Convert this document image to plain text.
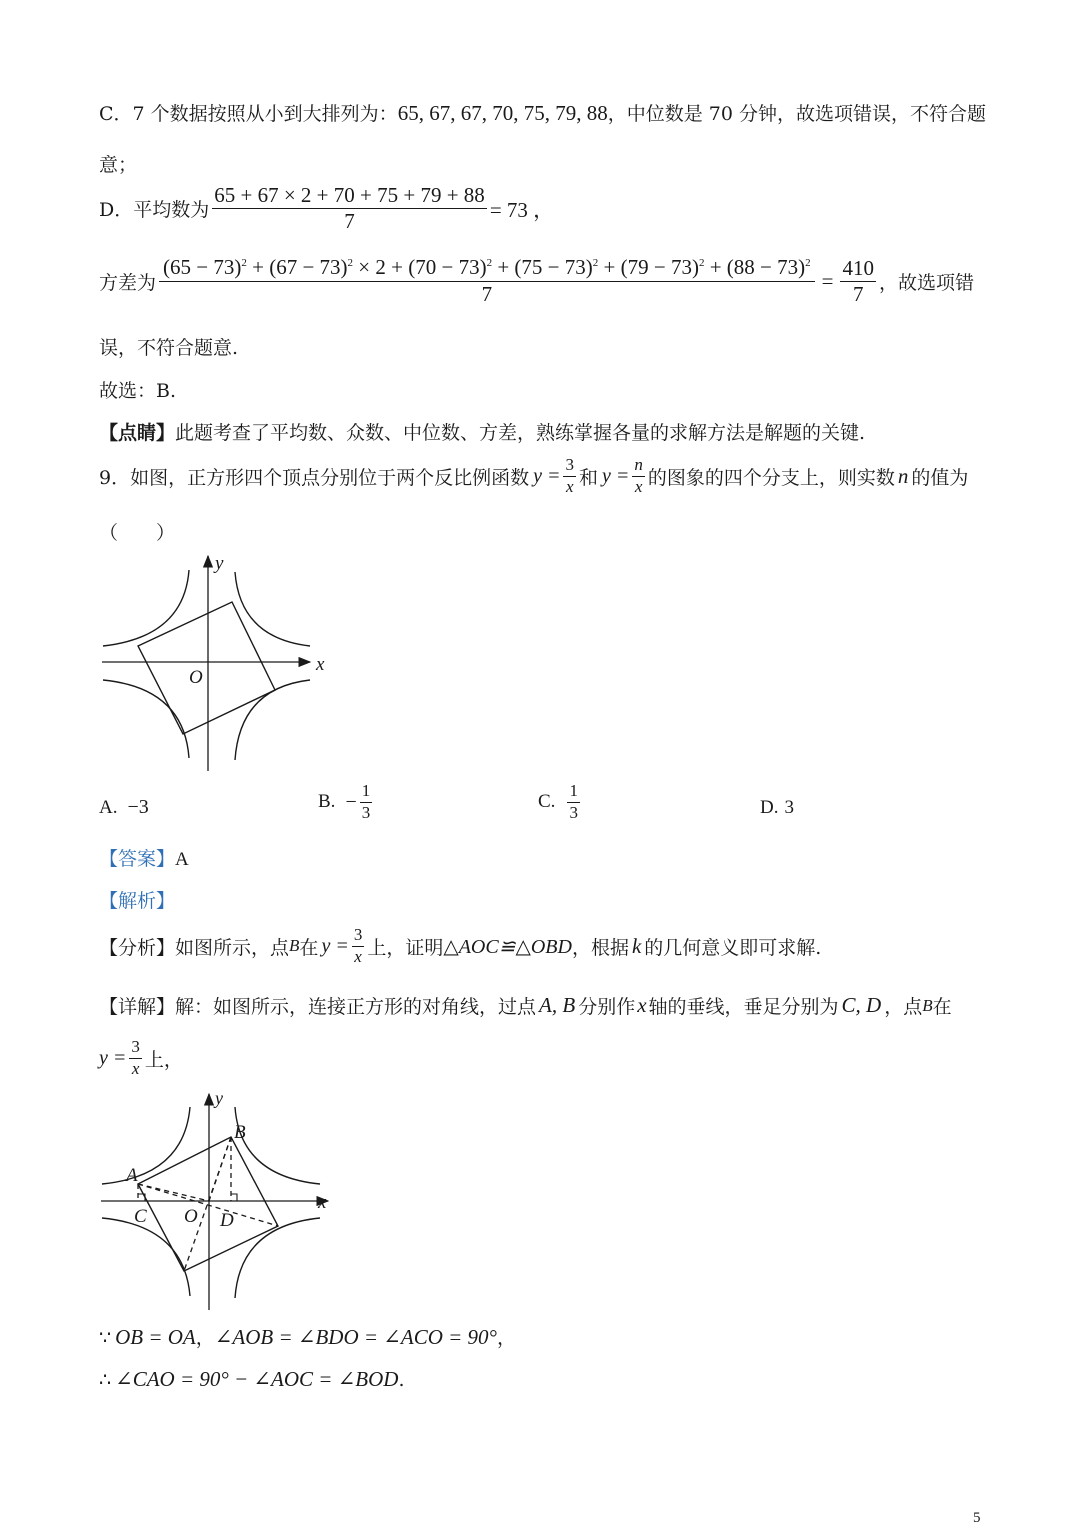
C．7 个数据按照从小到大排列为：65, 67, 67, 70, 75, 79, 88，中位数是 70 分钟，故选项错误，不符合题
意；
D． 平均数为 $\frac{65 + 67 \times 2 + 70 + 75 + 79 + 88}{7} = 73$ ，
方差为
$(65 - 73)^2 + (67 - 73)^2 \times 2 + (70 - 73)^2 + (75 - 73)^2 + (79 - 73)^2 + (88 - 73)^2$
7
= $\frac{410}{7}$ ，故选项错
误，不符合题意.
故选：B.
【点睛】此题考查了平均数、众数、中位数、方差，熟练掌握各量的求解方法是解题的关键.
9．如图，正方形四个顶点分别位于两个反比例函数 $y = \frac{3}{x}$ 和 $y = \frac{n}{x}$ 的图象的四个分支上，则实数 n 的值为
（　　）
y
x
O
A. −3	B. − $\frac{1}{3}$	C. $\frac{1}{3}$	D. 3
【答案】A
【解析】
【分析】 如图所示，点 B 在 $y = \frac{3}{x}$ 上，证明 △AOC≌△OBD ，根据 k 的几何意义即可求解.
【详解】 解：如图所示，连接正方形的对角线，过点 A, B 分别作 x 轴的垂线，垂足分别为 C, D ，点 B 在
$y = \frac{3}{x}$ 上，
y
x
O
A
B
C	D
∵ OB = OA，∠AOB = ∠BDO = ∠ACO = 90°，
∴ ∠CAO = 90° − ∠AOC = ∠BOD.
5
